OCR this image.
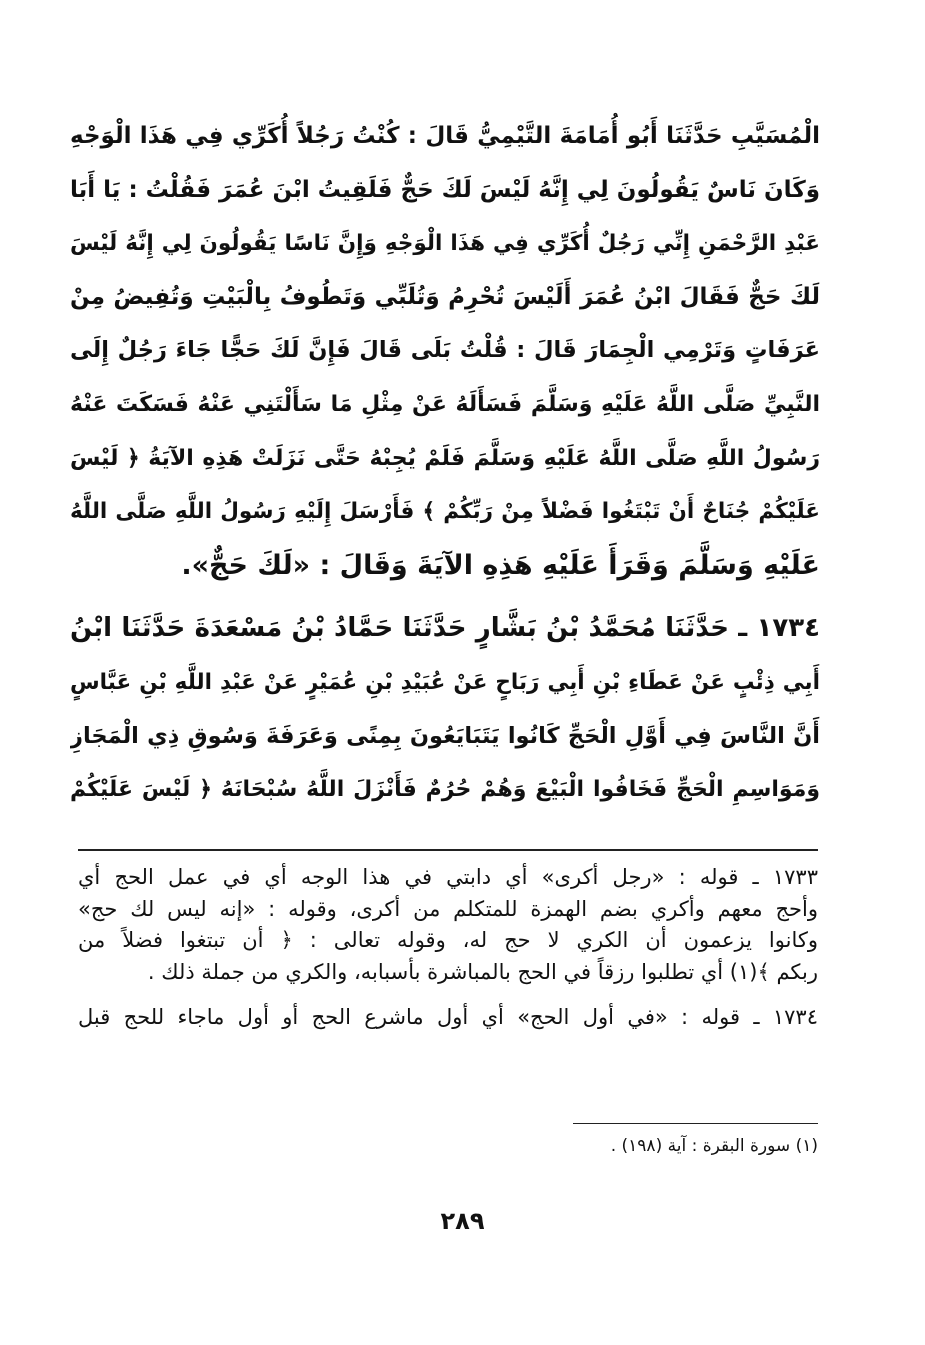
الْمُسَيَّبِ حَدَّثَنَا أَبُو أُمَامَةَ التَّيْمِيُّ قَالَ : كُنْتُ رَجُلاً أُكَرِّي فِي هَذَا الْوَجْهِ
وَكَانَ نَاسٌ يَقُولُونَ لِي إِنَّهُ لَيْسَ لَكَ حَجٌّ فَلَقِيتُ ابْنَ عُمَرَ فَقُلْتُ : يَا أَبَا
عَبْدِ الرَّحْمَنِ إِنِّي رَجُلٌ أُكَرِّي فِي هَذَا الْوَجْهِ وَإِنَّ نَاسًا يَقُولُونَ لِي إِنَّهُ لَيْسَ
لَكَ حَجٌّ فَقَالَ ابْنُ عُمَرَ أَلَيْسَ تُحْرِمُ وَتُلَبِّي وَتَطُوفُ بِالْبَيْتِ وَتُفِيضُ مِنْ
عَرَفَاتٍ وَتَرْمِي الْجِمَارَ قَالَ : قُلْتُ بَلَى قَالَ فَإِنَّ لَكَ حَجًّا جَاءَ رَجُلٌ إِلَى
النَّبِيِّ صَلَّى اللَّهُ عَلَيْهِ وَسَلَّمَ فَسَأَلَهُ عَنْ مِثْلِ مَا سَأَلْتَنِي عَنْهُ فَسَكَتَ عَنْهُ
رَسُولُ اللَّهِ صَلَّى اللَّهُ عَلَيْهِ وَسَلَّمَ فَلَمْ يُجِبْهُ حَتَّى نَزَلَتْ هَذِهِ الآيَةُ ﴿ لَيْسَ
عَلَيْكُمْ جُنَاحٌ أَنْ تَبْتَغُوا فَضْلاً مِنْ رَبِّكُمْ ﴾ فَأَرْسَلَ إِلَيْهِ رَسُولُ اللَّهِ صَلَّى اللَّهُ
عَلَيْهِ وَسَلَّمَ وَقَرَأَ عَلَيْهِ هَذِهِ الآيَةَ وَقَالَ : «لَكَ حَجٌّ».
١٧٣٤ ـ حَدَّثَنَا مُحَمَّدُ بْنُ بَشَّارٍ حَدَّثَنَا حَمَّادُ بْنُ مَسْعَدَةَ حَدَّثَنَا ابْنُ
أَبِي ذِئْبٍ عَنْ عَطَاءِ بْنِ أَبِي رَبَاحٍ عَنْ عُبَيْدِ بْنِ عُمَيْرٍ عَنْ عَبْدِ اللَّهِ بْنِ عَبَّاسٍ
أَنَّ النَّاسَ فِي أَوَّلِ الْحَجِّ كَانُوا يَتَبَايَعُونَ بِمِنًى وَعَرَفَةَ وَسُوقِ ذِي الْمَجَازِ
وَمَوَاسِمِ الْحَجِّ فَخَافُوا الْبَيْعَ وَهُمْ حُرُمٌ فَأَنْزَلَ اللَّهُ سُبْحَانَهُ ﴿ لَيْسَ عَلَيْكُمْ
١٧٣٣ ـ قوله : «رجل أكرى» أي دابتي في هذا الوجه أي في عمل الحج أي
وأحج معهم وأكري بضم الهمزة للمتكلم من أكرى، وقوله : «إنه ليس لك حج»
وكانوا يزعمون أن الكري لا حج له، وقوله تعالى : ﴿ أن تبتغوا فضلاً من
ربكم ﴾(١) أي تطلبوا رزقاً في الحج بالمباشرة بأسبابه، والكري من جملة ذلك .
١٧٣٤ ـ قوله : «في أول الحج» أي أول ماشرع الحج أو أول ماجاء للحج قبل
(١) سورة البقرة : آية (١٩٨) .
٢٨٩
